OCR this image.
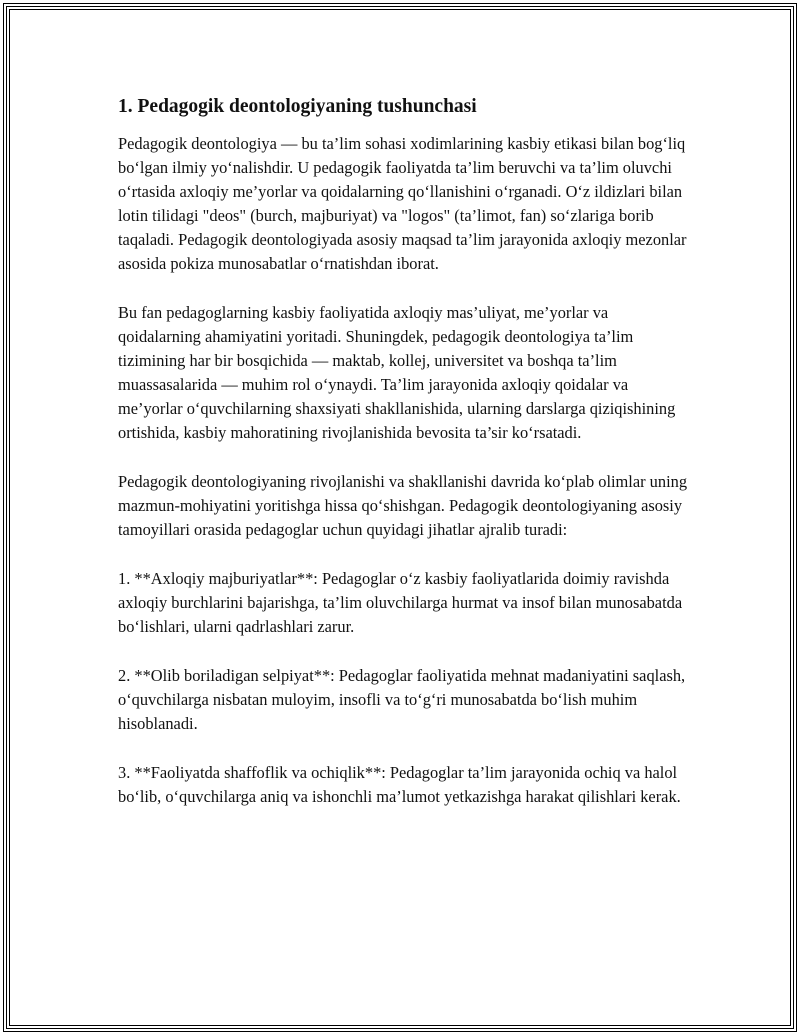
1. Pedagogik deontologiyaning tushunchasi

Pedagogik deontologiya — bu ta’lim sohasi xodimlarining kasbiy etikasi bilan bog‘liq bo‘lgan ilmiy yo‘nalishdir. U pedagogik faoliyatda ta’lim beruvchi va ta’lim oluvchi o‘rtasida axloqiy me’yorlar va qoidalarning qo‘llanishini o‘rganadi. O‘z ildizlari bilan lotin tilidagi "deos" (burch, majburiyat) va "logos" (ta’limot, fan) so‘zlariga borib taqaladi. Pedagogik deontologiyada asosiy maqsad ta’lim jarayonida axloqiy mezonlar asosida pokiza munosabatlar o‘rnatishdan iborat.

Bu fan pedagoglarning kasbiy faoliyatida axloqiy mas’uliyat, me’yorlar va qoidalarning ahamiyatini yoritadi. Shuningdek, pedagogik deontologiya ta’lim tizimining har bir bosqichida — maktab, kollej, universitet va boshqa ta’lim muassasalarida — muhim rol o‘ynaydi. Ta’lim jarayonida axloqiy qoidalar va me’yorlar o‘quvchilarning shaxsiyati shakllanishida, ularning darslarga qiziqishining ortishida, kasbiy mahoratining rivojlanishida bevosita ta’sir ko‘rsatadi.

Pedagogik deontologiyaning rivojlanishi va shakllanishi davrida ko‘plab olimlar uning mazmun-mohiyatini yoritishga hissa qo‘shishgan. Pedagogik deontologiyaning asosiy tamoyillari orasida pedagoglar uchun quyidagi jihatlar ajralib turadi:

1. **Axloqiy majburiyatlar**: Pedagoglar o‘z kasbiy faoliyatlarida doimiy ravishda axloqiy burchlarini bajarishga, ta’lim oluvchilarga hurmat va insof bilan munosabatda bo‘lishlari, ularni qadrlashlari zarur.

2. **Olib boriladigan selpiyat**: Pedagoglar faoliyatida mehnat madaniyatini saqlash, o‘quvchilarga nisbatan muloyim, insofli va to‘g‘ri munosabatda bo‘lish muhim hisoblanadi.

3. **Faoliyatda shaffoflik va ochiqlik**: Pedagoglar ta’lim jarayonida ochiq va halol bo‘lib, o‘quvchilarga aniq va ishonchli ma’lumot yetkazishga harakat qilishlari kerak.
